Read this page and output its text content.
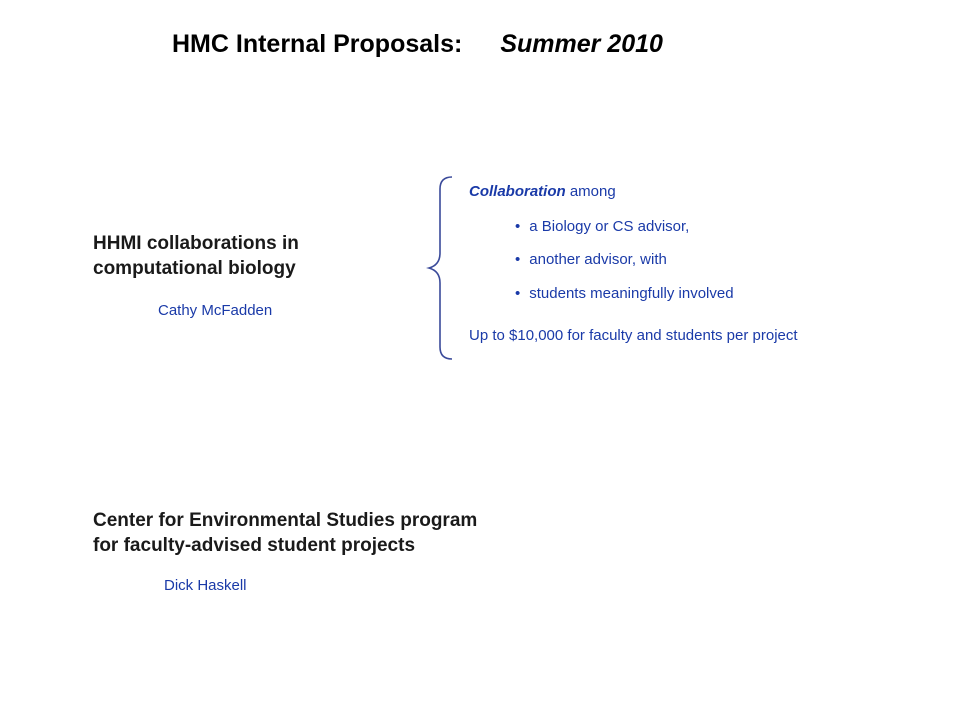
HMC Internal Proposals: Summer 2010
HHMI collaborations in
computational biology
Cathy McFadden
Collaboration among
• a Biology or CS advisor,
• another advisor, with
• students meaningfully involved
Up to $10,000 for faculty and students per project
Center for Environmental Studies program
for faculty-advised student projects
Dick Haskell
